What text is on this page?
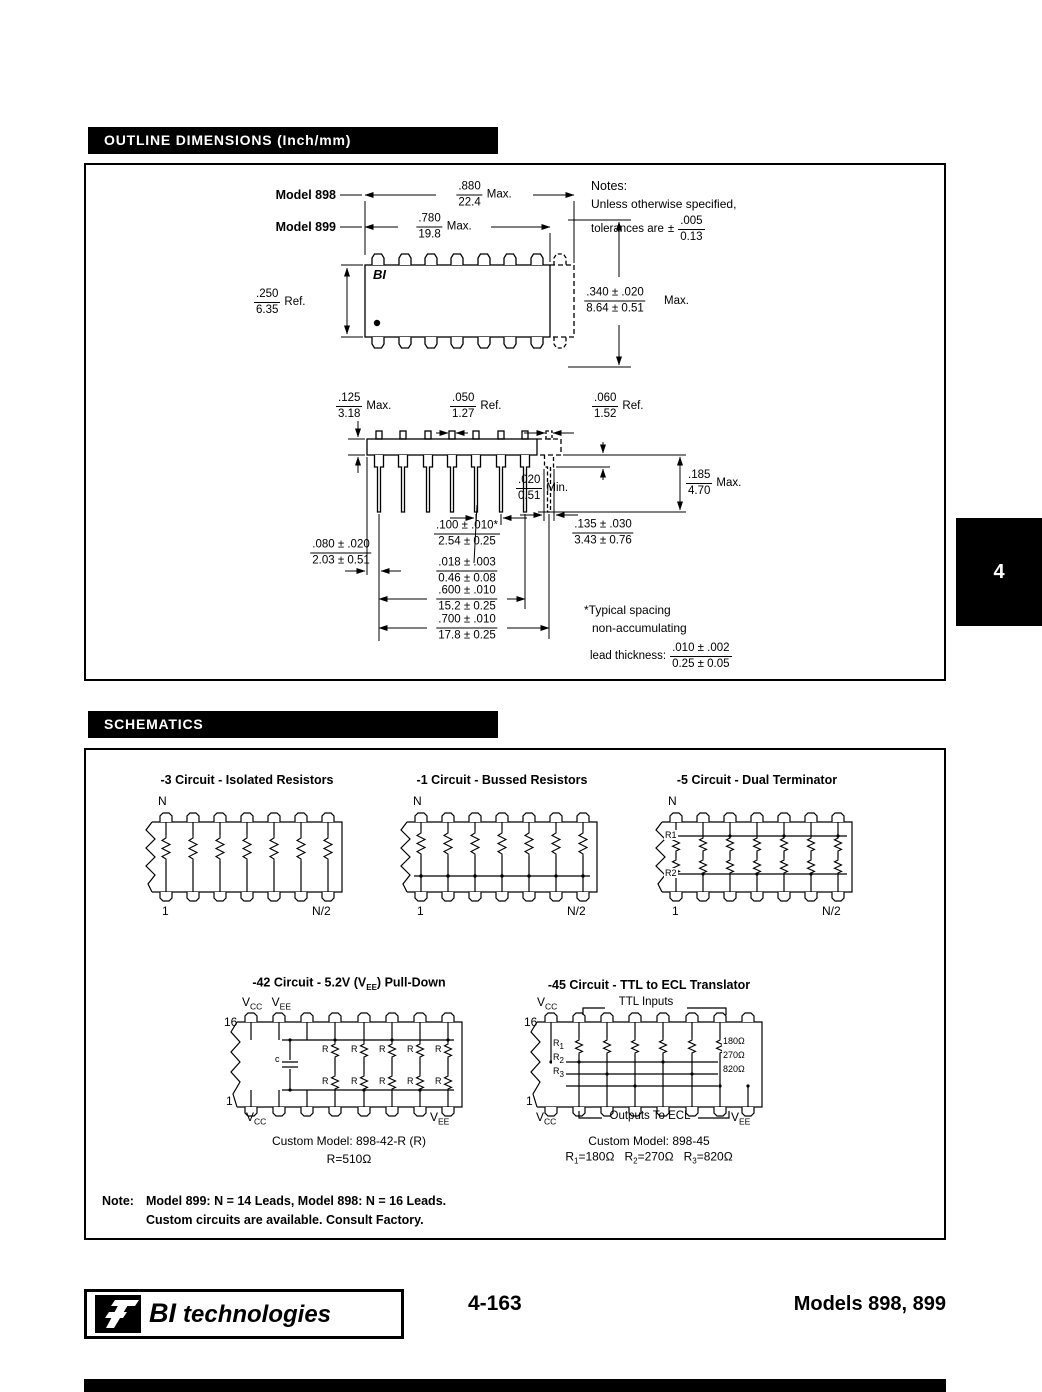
OUTLINE DIMENSIONS (Inch/mm)
Model 898
Model 899
$\frac{.880}{22.4}$ Max.
$\frac{.780}{19.8}$ Max.
Notes:
Unless otherwise specified,
tolerances are ± $\frac{.005}{0.13}$
BI
$\frac{.250}{6.35}$ Ref.	$\frac{.340 \pm .020}{8.64 \pm 0.51}$ Max.
$\frac{.125}{3.18}$ Max.	$\frac{.050}{1.27}$ Ref.	$\frac{.060}{1.52}$ Ref.
$\frac{.020}{0.51}$ Min.	$\frac{.185}{4.70}$ Max.
$\frac{.100 \pm .010*}{2.54 \pm 0.25}$
$\frac{.018 \pm .003}{0.46 \pm 0.08}$
$\frac{.600 \pm .010}{15.2 \pm 0.25}$
$\frac{.700 \pm .010}{17.8 \pm 0.25}$
$\frac{.080 \pm .020}{2.03 \pm 0.51}$
$\frac{.135 \pm .030}{3.43 \pm 0.76}$
*Typical spacing
non-accumulating
lead thickness: $\frac{.010 \pm .002}{0.25 \pm 0.05}$
4
SCHEMATICS
-3 Circuit - Isolated Resistors	-1 Circuit - Bussed Resistors	-5 Circuit - Dual Terminator
N
1	N/2
N
1	N/2
N
1	N/2
R1
R2
-42 Circuit - 5.2V $(V_{EE})$ Pull-Down
$V_{CC}$ $V_{EE}$
16
1
R	R R R R
R	R R R R
c
$V_{CC}$	$V_{EE}$
Custom Model: 898-42-R (R)
R=510Ω
-45 Circuit - TTL to ECL Translator
$V_{CC}$	TTL Inputs
16
1
$R_1$
$R_2$
$R_3$
180Ω
270Ω
820Ω
$V_{CC}$	Outputs To ECL	$V_{EE}$
Custom Model: 898-45
$R_1=180\Omega$ $R_2=270\Omega$ $R_3=820\Omega$
Note: Model 899: N = 14 Leads, Model 898: N = 16 Leads.
Custom circuits are available. Consult Factory.
BI technologies	4-163	Models 898, 899
